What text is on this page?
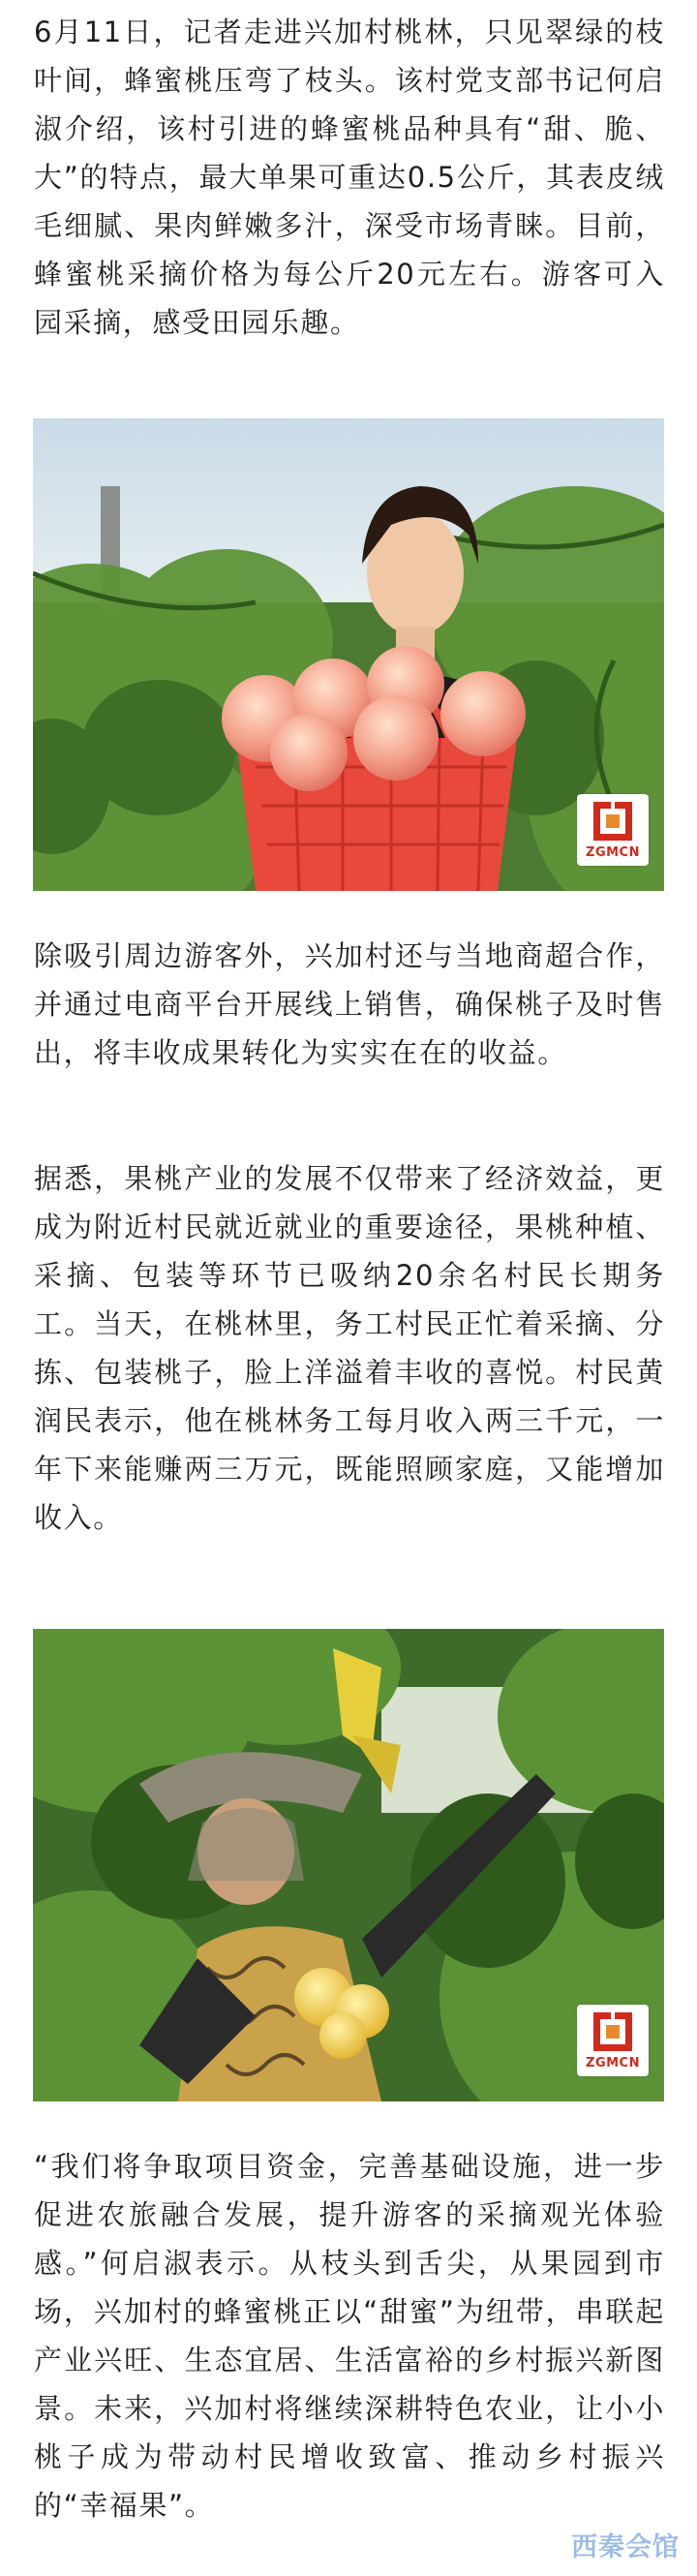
6月11日，记者走进兴加村桃林，只见翠绿的枝叶间，蜂蜜桃压弯了枝头。该村党支部书记何启淑介绍，该村引进的蜂蜜桃品种具有“甜、脆、大”的特点，最大单果可重达0.5公斤，其表皮绒毛细腻、果肉鲜嫩多汁，深受市场青睐。目前，蜂蜜桃采摘价格为每公斤20元左右。游客可入园采摘，感受田园乐趣。

ZGMCN

除吸引周边游客外，兴加村还与当地商超合作，并通过电商平台开展线上销售，确保桃子及时售出，将丰收成果转化为实实在在的收益。

据悉，果桃产业的发展不仅带来了经济效益，更成为附近村民就近就业的重要途径，果桃种植、采摘、包装等环节已吸纳20余名村民长期务工。当天，在桃林里，务工村民正忙着采摘、分拣、包装桃子，脸上洋溢着丰收的喜悦。村民黄润民表示，他在桃林务工每月收入两三千元，一年下来能赚两三万元，既能照顾家庭，又能增加收入。

ZGMCN

“我们将争取项目资金，完善基础设施，进一步促进农旅融合发展，提升游客的采摘观光体验感。”何启淑表示。从枝头到舌尖，从果园到市场，兴加村的蜂蜜桃正以“甜蜜”为纽带，串联起产业兴旺、生态宜居、生活富裕的乡村振兴新图景。未来，兴加村将继续深耕特色农业，让小小桃子成为带动村民增收致富、推动乡村振兴的“幸福果”。

西秦会馆
